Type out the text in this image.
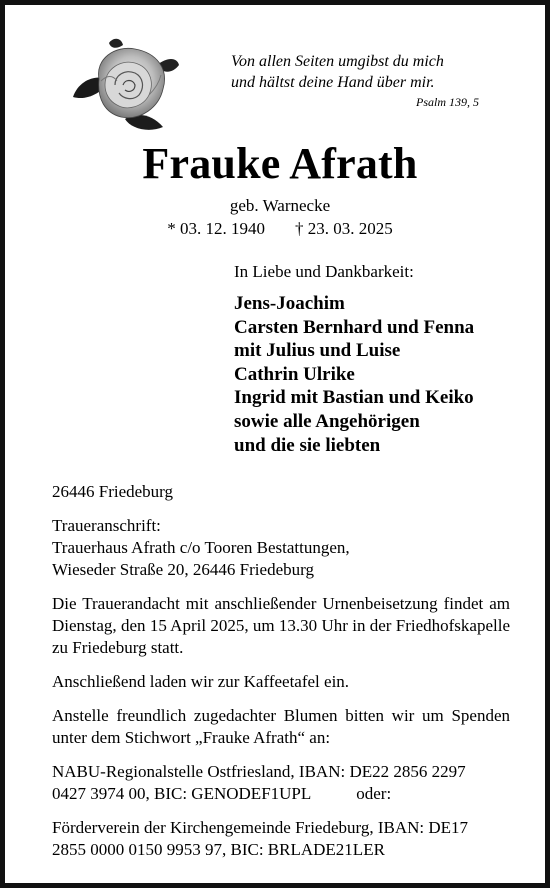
Von allen Seiten umgibst du mich
und hältst deine Hand über mir.
Psalm 139, 5
Frauke Afrath
geb. Warnecke
* 03. 12. 1940 † 23. 03. 2025
In Liebe und Dankbarkeit:
Jens-Joachim
Carsten Bernhard und Fenna
mit Julius und Luise
Cathrin Ulrike
Ingrid mit Bastian und Keiko
sowie alle Angehörigen
und die sie liebten

26446 Friedeburg

Traueranschrift:

Trauerhaus Afrath c/o Tooren Bestattungen,

Wieseder Straße 20, 26446 Friedeburg

Die Trauerandacht mit anschließender Urnenbeisetzung findet am Dienstag, den 15 April 2025, um 13.30 Uhr in der Friedhofskapelle zu Friedeburg statt.

Anschließend laden wir zur Kaffeetafel ein.

Anstelle freundlich zugedachter Blumen bitten wir um Spenden unter dem Stichwort „Frauke Afrath“ an:

NABU-Regionalstelle Ostfriesland, IBAN: DE22 2856 2297

0427 3974 00, BIC: GENODEF1UPL	oder:

Förderverein der Kirchengemeinde Friedeburg, IBAN: DE17

2855 0000 0150 9953 97, BIC: BRLADE21LER
